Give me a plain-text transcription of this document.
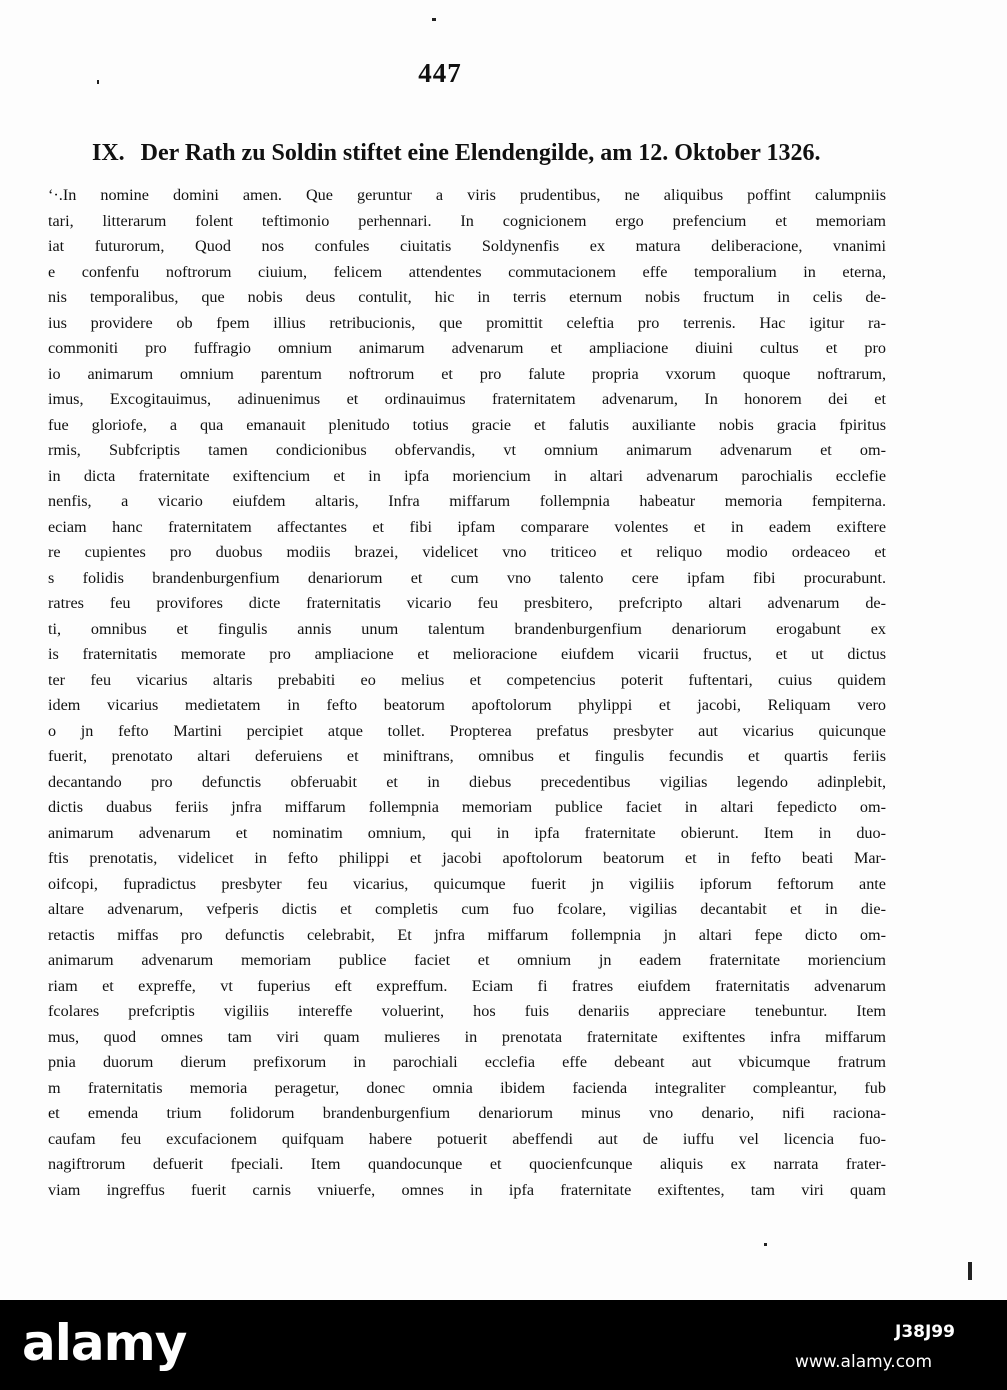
447
IX. Der Rath zu Soldin stiftet eine Elendengilde, am 12. Oktober 1326.
‘·.In nomine domini amen. Que geruntur a viris prudentibus, ne aliquibus poffint calumpniis
tari, litterarum folent teftimonio perhennari. In cognicionem ergo prefencium et memoriam
iat futurorum, Quod nos confules ciuitatis Soldynenfis ex matura deliberacione, vnanimi
e confenfu noftrorum ciuium, felicem attendentes commutacionem effe temporalium in eterna,
nis temporalibus, que nobis deus contulit, hic in terris eternum nobis fructum in celis de-
ius providere ob fpem illius retribucionis, que promittit celeftia pro terrenis. Hac igitur ra-
commoniti pro fuffragio omnium animarum advenarum et ampliacione diuini cultus et pro
io animarum omnium parentum noftrorum et pro falute propria vxorum quoque noftrarum,
imus, Excogitauimus, adinuenimus et ordinauimus fraternitatem advenarum, In honorem dei et
fue gloriofe, a qua emanauit plenitudo totius gracie et falutis auxiliante nobis gracia fpiritus
rmis, Subfcriptis tamen condicionibus obfervandis, vt omnium animarum advenarum et om-
in dicta fraternitate exiftencium et in ipfa moriencium in altari advenarum parochialis ecclefie
nenfis, a vicario eiufdem altaris, Infra miffarum follempnia habeatur memoria fempiterna.
eciam hanc fraternitatem affectantes et fibi ipfam comparare volentes et in eadem exiftere
re cupientes pro duobus modiis brazei, videlicet vno triticeo et reliquo modio ordeaceo et
s folidis brandenburgenfium denariorum et cum vno talento cere ipfam fibi procurabunt.
ratres feu provifores dicte fraternitatis vicario feu presbitero, prefcripto altari advenarum de-
ti, omnibus et fingulis annis unum talentum brandenburgenfium denariorum erogabunt ex
is fraternitatis memorate pro ampliacione et melioracione eiufdem vicarii fructus, et ut dictus
ter feu vicarius altaris prebabiti eo melius et competencius poterit fuftentari, cuius quidem
idem vicarius medietatem in fefto beatorum apoftolorum phylippi et jacobi, Reliquam vero
o jn fefto Martini percipiet atque tollet. Propterea prefatus presbyter aut vicarius quicunque
fuerit, prenotato altari deferuiens et miniftrans, omnibus et fingulis fecundis et quartis feriis
decantando pro defunctis obferuabit et in diebus precedentibus vigilias legendo adinplebit,
dictis duabus feriis jnfra miffarum follempnia memoriam publice faciet in altari fepedicto om-
animarum advenarum et nominatim omnium, qui in ipfa fraternitate obierunt. Item in duo-
ftis prenotatis, videlicet in fefto philippi et jacobi apoftolorum beatorum et in fefto beati Mar-
oifcopi, fupradictus presbyter feu vicarius, quicumque fuerit jn vigiliis ipforum feftorum ante
altare advenarum, vefperis dictis et completis cum fuo fcolare, vigilias decantabit et in die-
retactis miffas pro defunctis celebrabit, Et jnfra miffarum follempnia jn altari fepe dicto om-
animarum advenarum memoriam publice faciet et omnium jn eadem fraternitate moriencium
riam et expreffe, vt fuperius eft expreffum. Eciam fi fratres eiufdem fraternitatis advenarum
fcolares prefcriptis vigiliis intereffe voluerint, hos fuis denariis appreciare tenebuntur. Item
mus, quod omnes tam viri quam mulieres in prenotata fraternitate exiftentes infra miffarum
pnia duorum dierum prefixorum in parochiali ecclefia effe debeant aut vbicumque fratrum
m fraternitatis memoria peragetur, donec omnia ibidem facienda integraliter compleantur, fub
et emenda trium folidorum brandenburgenfium denariorum minus vno denario, nifi raciona-
caufam feu excufacionem quifquam habere potuerit abeffendi aut de iuffu vel licencia fuo-
nagiftrorum defuerit fpeciali. Item quandocunque et quocienfcunque aliquis ex narrata frater-
viam ingreffus fuerit carnis vniuerfe, omnes in ipfa fraternitate exiftentes, tam viri quam
alamy	J38J99
www.alamy.com
